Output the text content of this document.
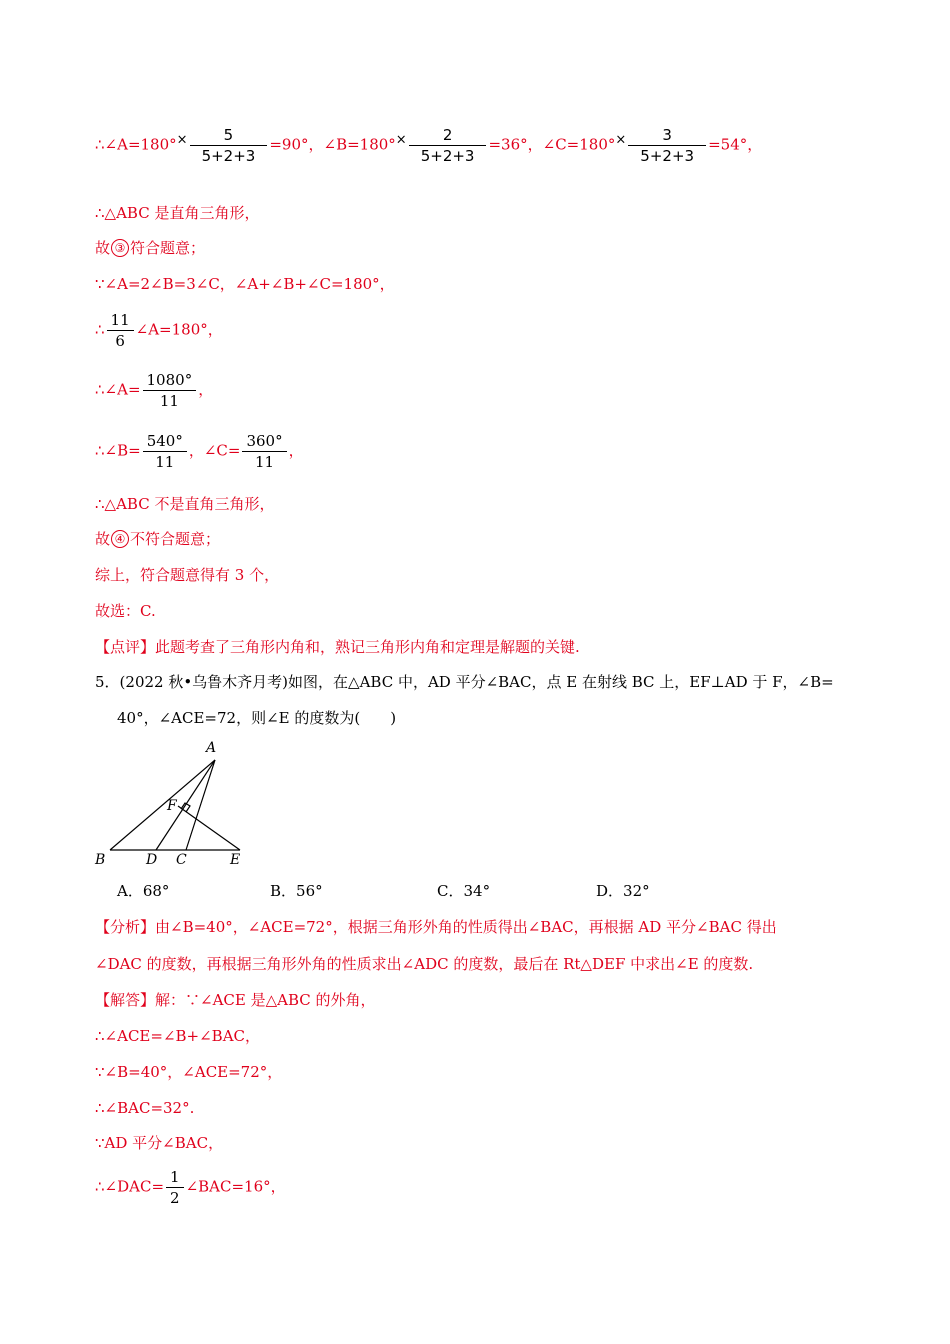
∴∠A=180°× $\frac{5}{5+2+3} =90^\circ$，∠B=180°× $\frac{2}{5+2+3} =36^\circ$，∠C=180°× $\frac{3}{5+2+3} =54^\circ$，
∴△ABC 是直角三角形，
故 ③ 符合题意；
∵∠A=2∠B=3∠C，∠A+∠B+∠C=180°，
∴ $\frac{11}{6}$ ∠A=180°，
∴∠A= $\frac{1080^\circ}{11}$ ，
∴∠B= $\frac{540^\circ}{11}$ ，∠C= $\frac{360^\circ}{11}$ ，
∴△ABC 不是直角三角形，
故 ④ 不符合题意；
综上，符合题意得有 3 个，
故选：C.
【点评】此题考查了三角形内角和，熟记三角形内角和定理是解题的关键.
5．(2022 秋•乌鲁木齐月考)如图，在△ABC 中，AD 平分∠BAC，点 E 在射线 BC 上，EF⊥AD 于 F，∠B=
40°，∠ACE=72，则∠E 的度数为(　　)
A
B	D C	E
F
A．68°	B．56°	C．34°	D．32°
【分析】由∠B=40°，∠ACE=72°，根据三角形外角的性质得出∠BAC，再根据 AD 平分∠BAC 得出
∠DAC 的度数，再根据三角形外角的性质求出∠ADC 的度数，最后在 Rt△DEF 中求出∠E 的度数.
【解答】解：∵∠ACE 是△ABC 的外角，
∴∠ACE=∠B+∠BAC，
∵∠B=40°，∠ACE=72°，
∴∠BAC=32°.
∵AD 平分∠BAC，
∴∠DAC= $\frac{1}{2}$ ∠BAC=16°，
